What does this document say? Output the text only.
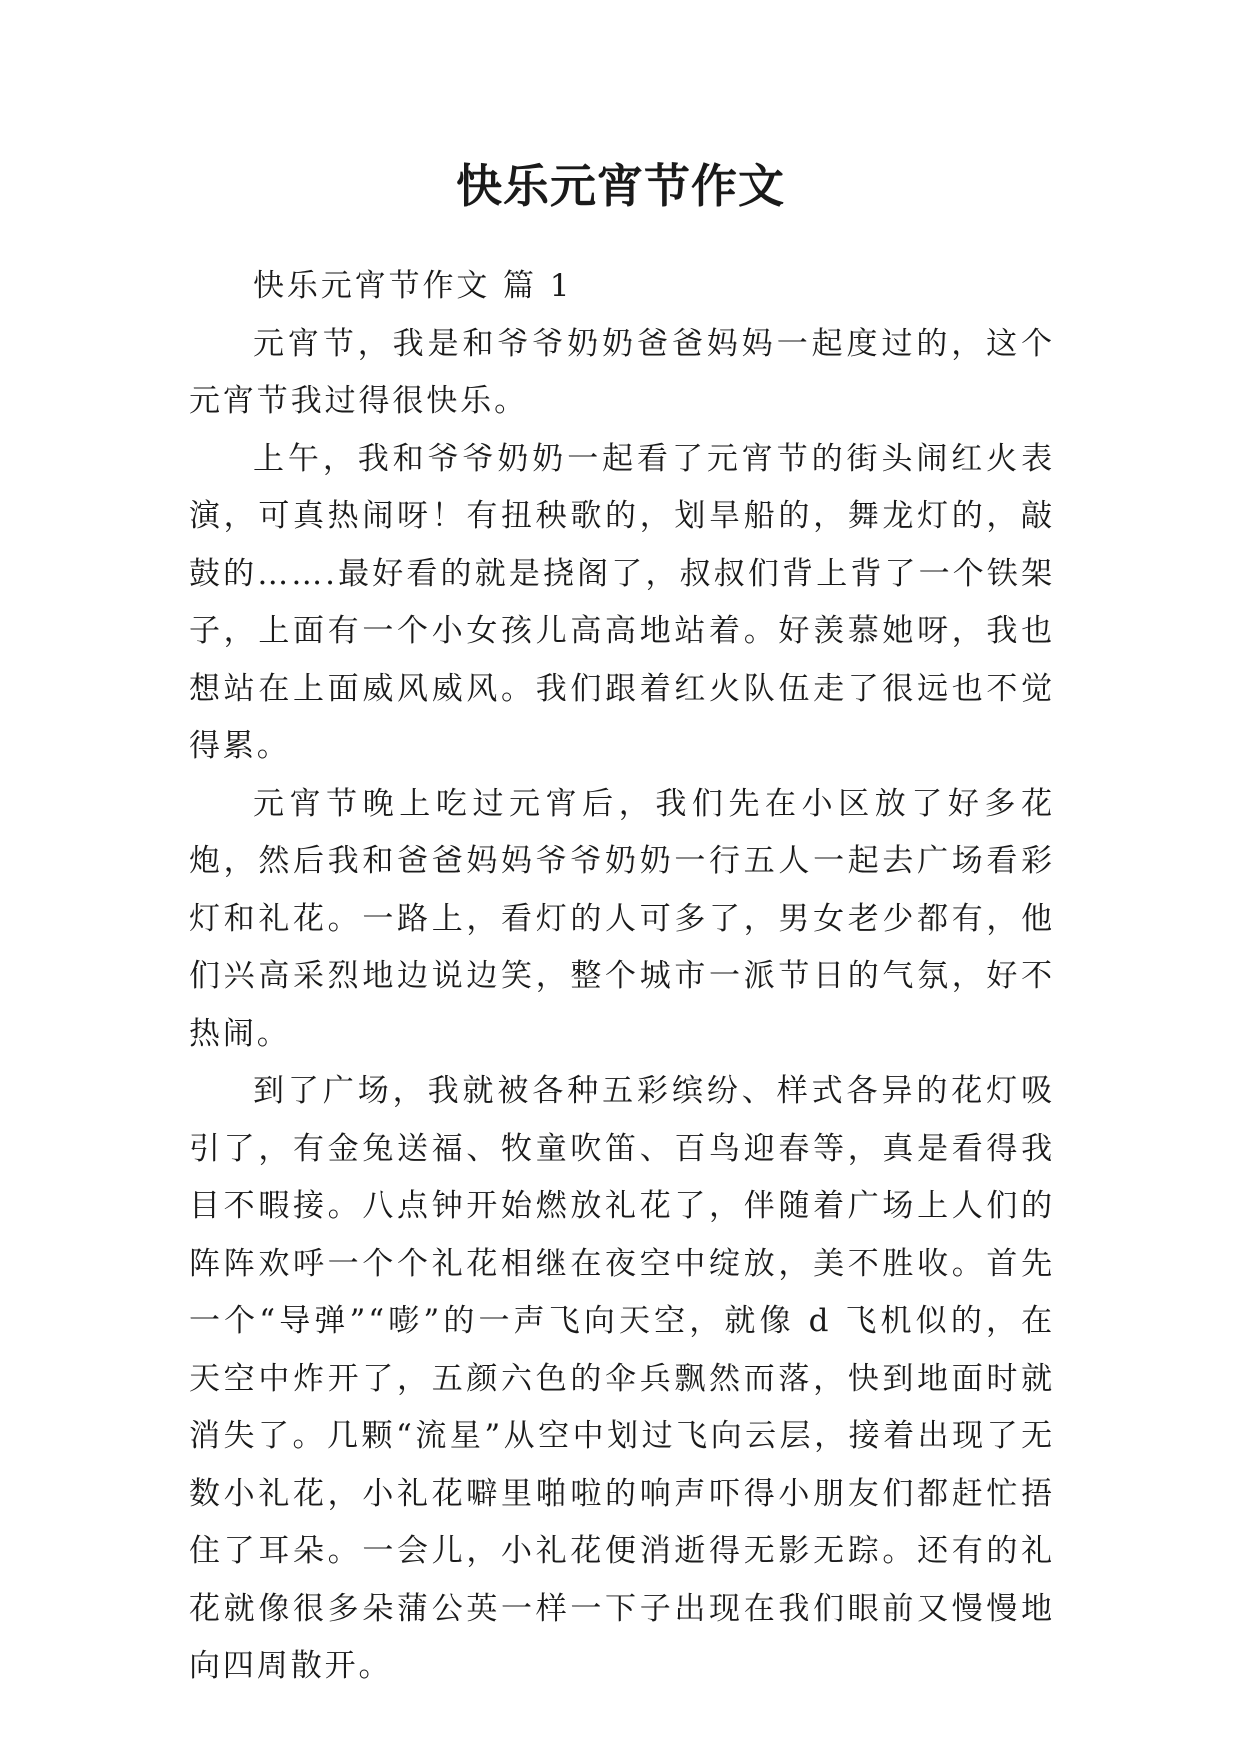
快乐元宵节作文

快乐元宵节作文 篇 1

元宵节，我是和爷爷奶奶爸爸妈妈一起度过的，这个元宵节我过得很快乐。

上午，我和爷爷奶奶一起看了元宵节的街头闹红火表演，可真热闹呀！有扭秧歌的，划旱船的，舞龙灯的，敲鼓的…….最好看的就是挠阁了，叔叔们背上背了一个铁架子，上面有一个小女孩儿高高地站着。好羡慕她呀，我也想站在上面威风威风。我们跟着红火队伍走了很远也不觉得累。

元宵节晚上吃过元宵后，我们先在小区放了好多花炮，然后我和爸爸妈妈爷爷奶奶一行五人一起去广场看彩灯和礼花。一路上，看灯的人可多了，男女老少都有，他们兴高采烈地边说边笑，整个城市一派节日的气氛，好不热闹。

到了广场，我就被各种五彩缤纷、样式各异的花灯吸引了，有金兔送福、牧童吹笛、百鸟迎春等，真是看得我目不暇接。八点钟开始燃放礼花了，伴随着广场上人们的阵阵欢呼一个个礼花相继在夜空中绽放，美不胜收。首先一个“导弹”“嘭”的一声飞向天空，就像 d 飞机似的，在天空中炸开了，五颜六色的伞兵飘然而落，快到地面时就消失了。几颗“流星”从空中划过飞向云层，接着出现了无数小礼花，小礼花噼里啪啦的响声吓得小朋友们都赶忙捂住了耳朵。一会儿，小礼花便消逝得无影无踪。还有的礼花就像很多朵蒲公英一样一下子出现在我们眼前又慢慢地向四周散开。
